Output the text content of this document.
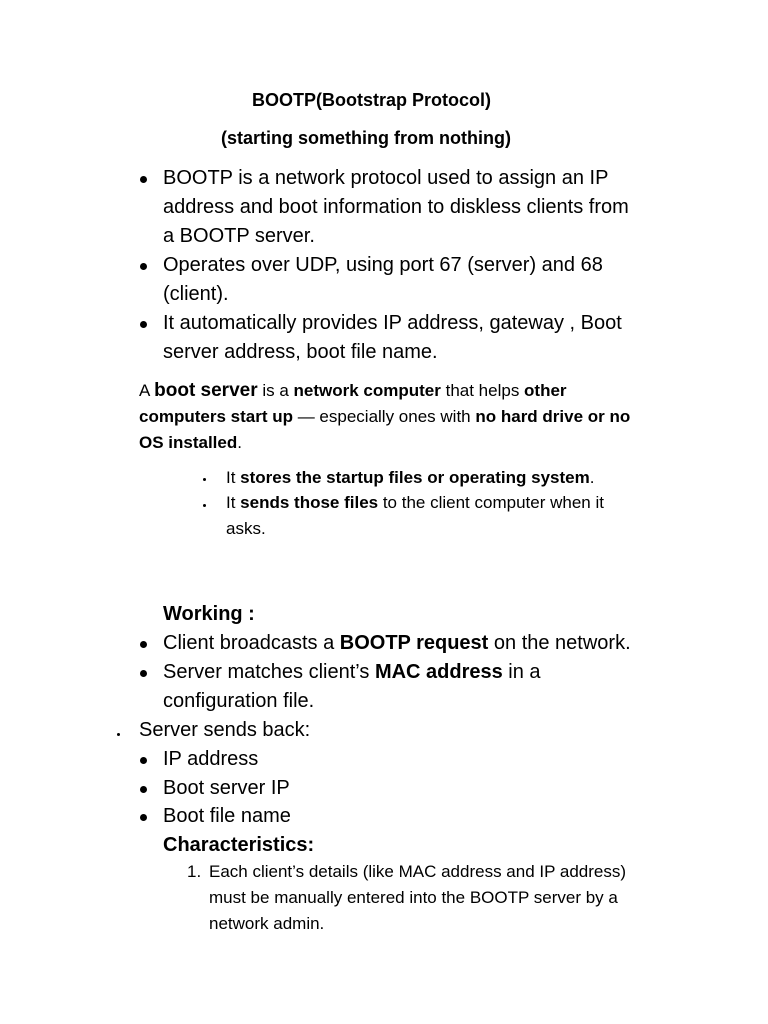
BOOTP(Bootstrap Protocol)
(starting something from nothing)
BOOTP is a network protocol used to assign an IP
address and boot information to diskless clients from
a BOOTP server.
Operates over UDP, using port 67 (server) and 68
(client).
It automatically provides IP address, gateway , Boot
server address, boot file name.
A boot server is a network computer that helps other
computers start up — especially ones with no hard drive or no
OS installed.
It stores the startup files or operating system.
It sends those files to the client computer when it
asks.
Working :
Client broadcasts a BOOTP request on the network.
Server matches client’s MAC address in a
configuration file.
Server sends back:
IP address
Boot server IP
Boot file name
Characteristics:
1. Each client’s details (like MAC address and IP address)
must be manually entered into the BOOTP server by a
network admin.
